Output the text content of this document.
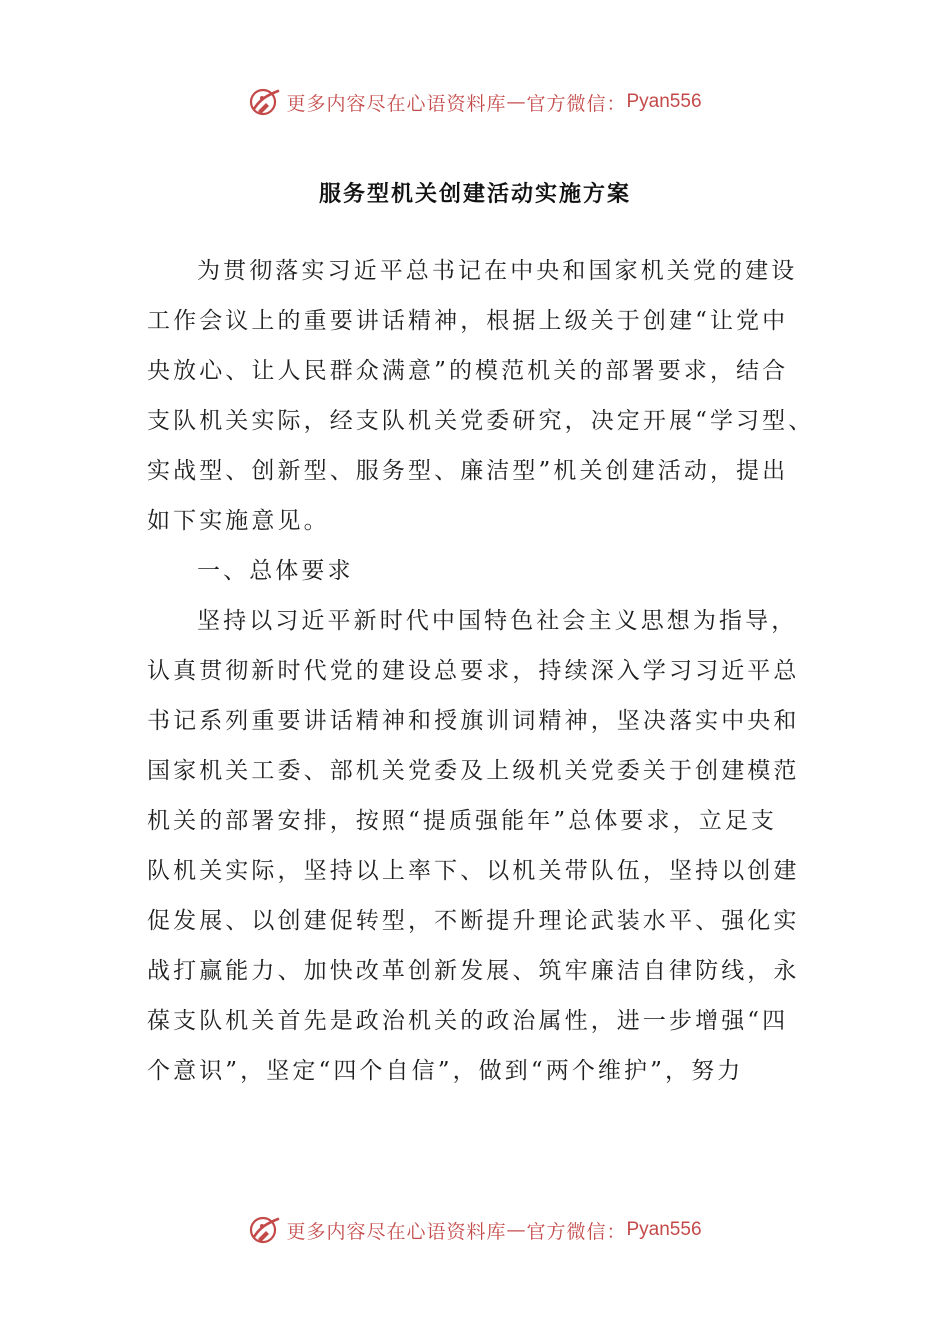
更多内容尽在心语资料库 — 官方微信： Pyan556
服务型机关创建活动实施方案
为贯彻落实习近平总书记在中央和国家机关党的建设
工作会议上的重要讲话精神，根据上级关于创建“让党中
央放心、让人民群众满意”的模范机关的部署要求，结合
支队机关实际，经支队机关党委研究，决定开展“学习型、
实战型、创新型、服务型、廉洁型”机关创建活动，提出
如下实施意见。
一、总体要求
坚持以习近平新时代中国特色社会主义思想为指导，
认真贯彻新时代党的建设总要求，持续深入学习习近平总
书记系列重要讲话精神和授旗训词精神，坚决落实中央和
国家机关工委、部机关党委及上级机关党委关于创建模范
机关的部署安排，按照“提质强能年”总体要求，立足支
队机关实际，坚持以上率下、以机关带队伍，坚持以创建
促发展、以创建促转型，不断提升理论武装水平、强化实
战打赢能力、加快改革创新发展、筑牢廉洁自律防线，永
葆支队机关首先是政治机关的政治属性，进一步增强“四
个意识”，坚定“四个自信”，做到“两个维护”，努力
更多内容尽在心语资料库 — 官方微信： Pyan556
